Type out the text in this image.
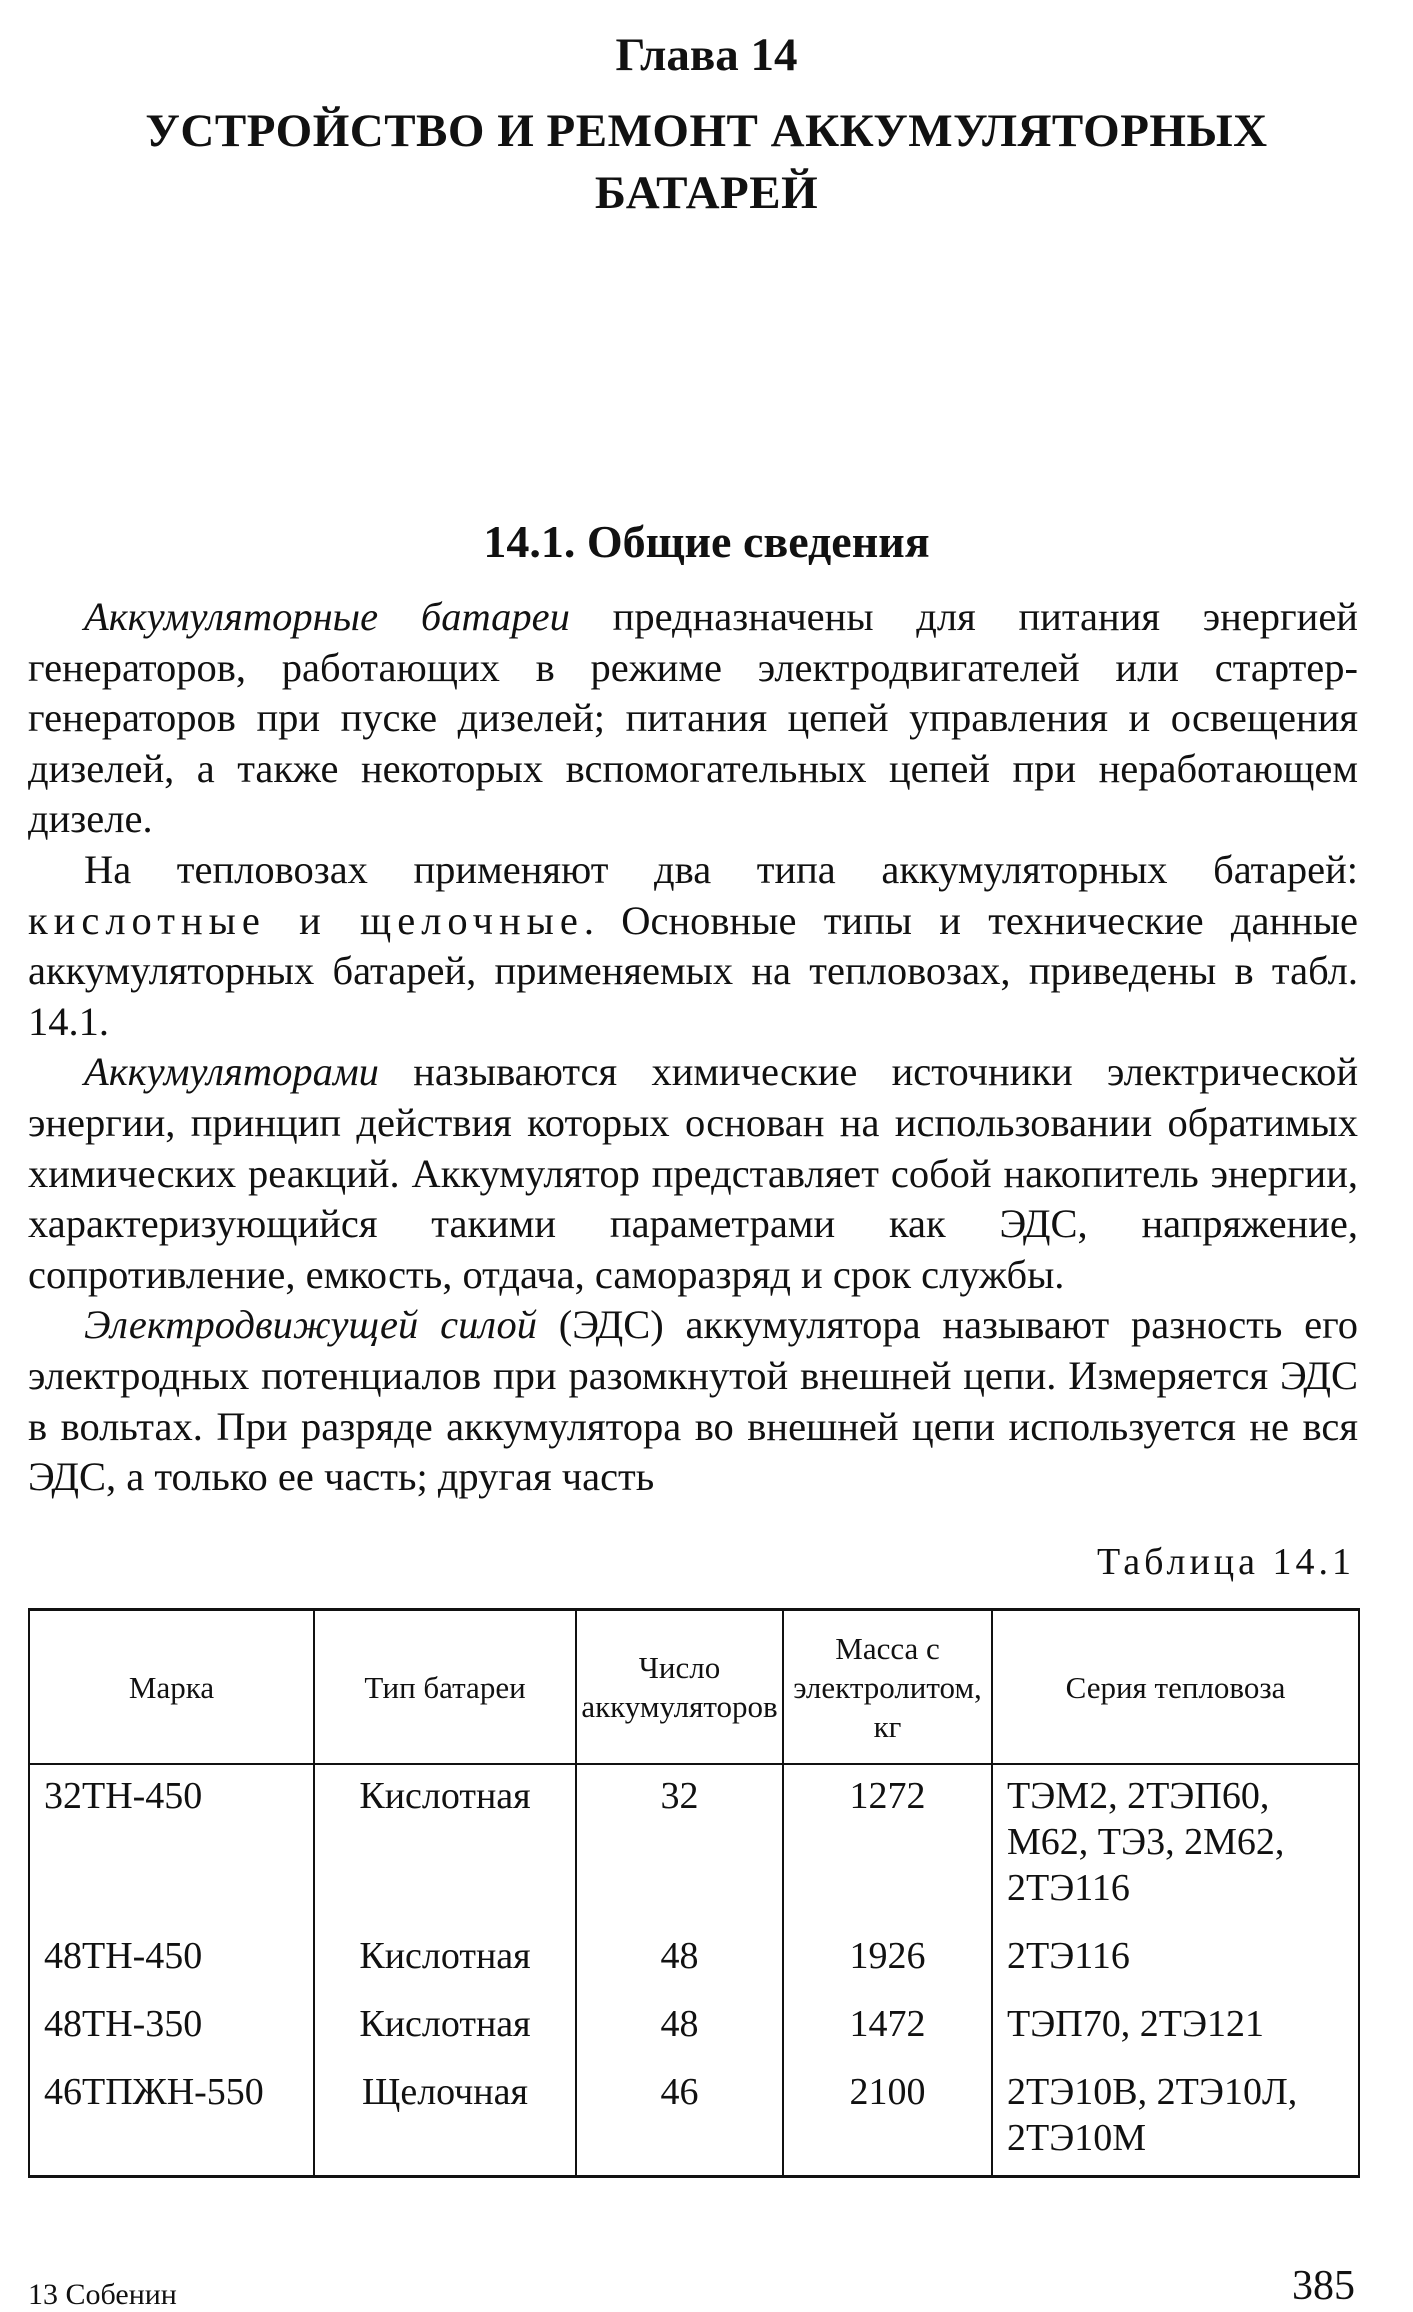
Глава 14
УСТРОЙСТВО И РЕМОНТ АККУМУЛЯТОРНЫХ БАТАРЕЙ
14.1. Общие сведения

Аккумуляторные батареи предназначены для питания энергией генераторов, работающих в режиме электродвигателей или стартер-генераторов при пуске дизелей; питания цепей управления и освещения дизелей, а также некоторых вспомогательных цепей при неработающем дизеле.

На тепловозах применяют два типа аккумуляторных батарей: кислотные и щелочные. Основные типы и технические данные аккумуляторных батарей, применяемых на тепловозах, приведены в табл. 14.1.

Аккумуляторами называются химические источники электрической энергии, принцип действия которых основан на использовании обратимых химических реакций. Аккумулятор представляет собой накопитель энергии, характеризующийся такими параметрами как ЭДС, напряжение, сопротивление, емкость, отдача, саморазряд и срок службы.

Электродвижущей силой (ЭДС) аккумулятора называют разность его электродных потенциалов при разомкнутой внешней цепи. Измеряется ЭДС в вольтах. При разряде аккумулятора во внешней цепи используется не вся ЭДС, а только ее часть; другая часть

Таблица 14.1
Марка	Тип батареи	Число аккумуляторов	Масса с электролитом, кг	Серия тепловоза
32ТН-450	Кислотная	32	1272	ТЭМ2, 2ТЭП60, М62, ТЭ3, 2М62, 2ТЭ116
48ТН-450	Кислотная	48	1926	2ТЭ116
48ТН-350	Кислотная	48	1472	ТЭП70, 2ТЭ121
46ТПЖН-550	Щелочная	46	2100	2ТЭ10В, 2ТЭ10Л, 2ТЭ10М
13 Собенин	385
